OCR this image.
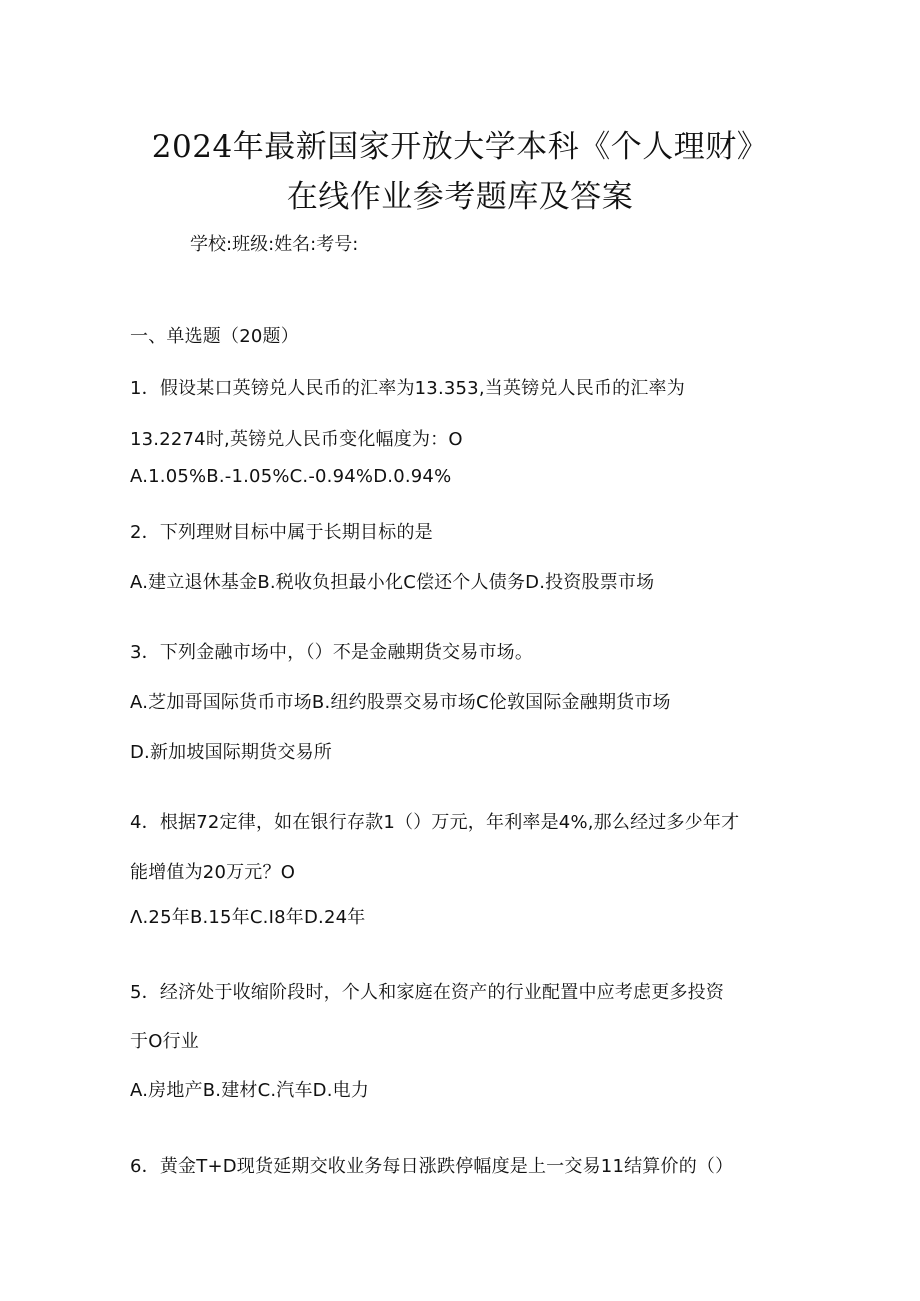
2024年最新国家开放大学本科《个人理财》
在线作业参考题库及答案
学校:班级:姓名:考号:
一、单选题（20题）
1．假设某口英镑兑人民币的汇率为13.353,当英镑兑人民币的汇率为
13.2274时,英镑兑人民币变化幅度为：O
A.1.05%B.-1.05%C.-0.94%D.0.94%
2．下列理财目标中属于长期目标的是
A.建立退休基金B.税收负担最小化C偿还个人债务D.投资股票市场
3．下列金融市场中，（）不是金融期货交易市场。
A.芝加哥国际货币市场B.纽约股票交易市场C伦敦国际金融期货市场
D.新加坡国际期货交易所
4．根据72定律，如在银行存款1（）万元，年利率是4%,那么经过多少年才
能增值为20万元？O
Λ.25年B.15年C.I8年D.24年
5．经济处于收缩阶段时，个人和家庭在资产的行业配置中应考虑更多投资
于O行业
A.房地产B.建材C.汽车D.电力
6．黄金T+D现货延期交收业务每日涨跌停幅度是上一交易11结算价的（）
